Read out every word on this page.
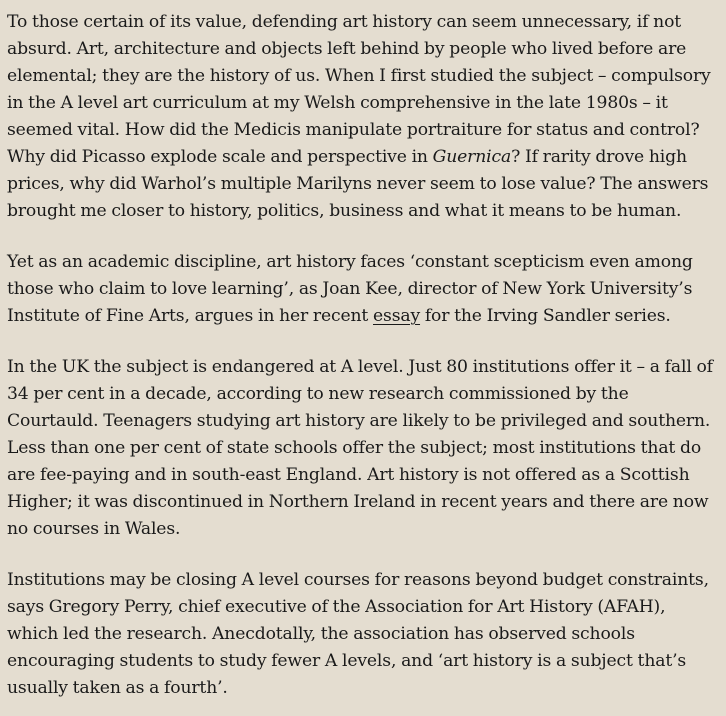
To those certain of its value, defending art history can seem unnecessary, if not absurd. Art, architecture and objects left behind by people who lived before are elemental; they are the history of us. When I first studied the subject – compulsory in the A level art curriculum at my Welsh comprehensive in the late 1980s – it seemed vital. How did the Medicis manipulate portraiture for status and control? Why did Picasso explode scale and perspective in Guernica? If rarity drove high prices, why did Warhol’s multiple Marilyns never seem to lose value? The answers brought me closer to history, politics, business and what it means to be human.

Yet as an academic discipline, art history faces ‘constant scepticism even among those who claim to love learning’, as Joan Kee, director of New York University’s Institute of Fine Arts, argues in her recent essay for the Irving Sandler series.

In the UK the subject is endangered at A level. Just 80 institutions offer it – a fall of 34 per cent in a decade, according to new research commissioned by the Courtauld. Teenagers studying art history are likely to be privileged and southern. Less than one per cent of state schools offer the subject; most institutions that do are fee-paying and in south-east England. Art history is not offered as a Scottish Higher; it was discontinued in Northern Ireland in recent years and there are now no courses in Wales.

Institutions may be closing A level courses for reasons beyond budget constraints, says Gregory Perry, chief executive of the Association for Art History (AFAH), which led the research. Anecdotally, the association has observed schools encouraging students to study fewer A levels, and ‘art history is a subject that’s usually taken as a fourth’.
